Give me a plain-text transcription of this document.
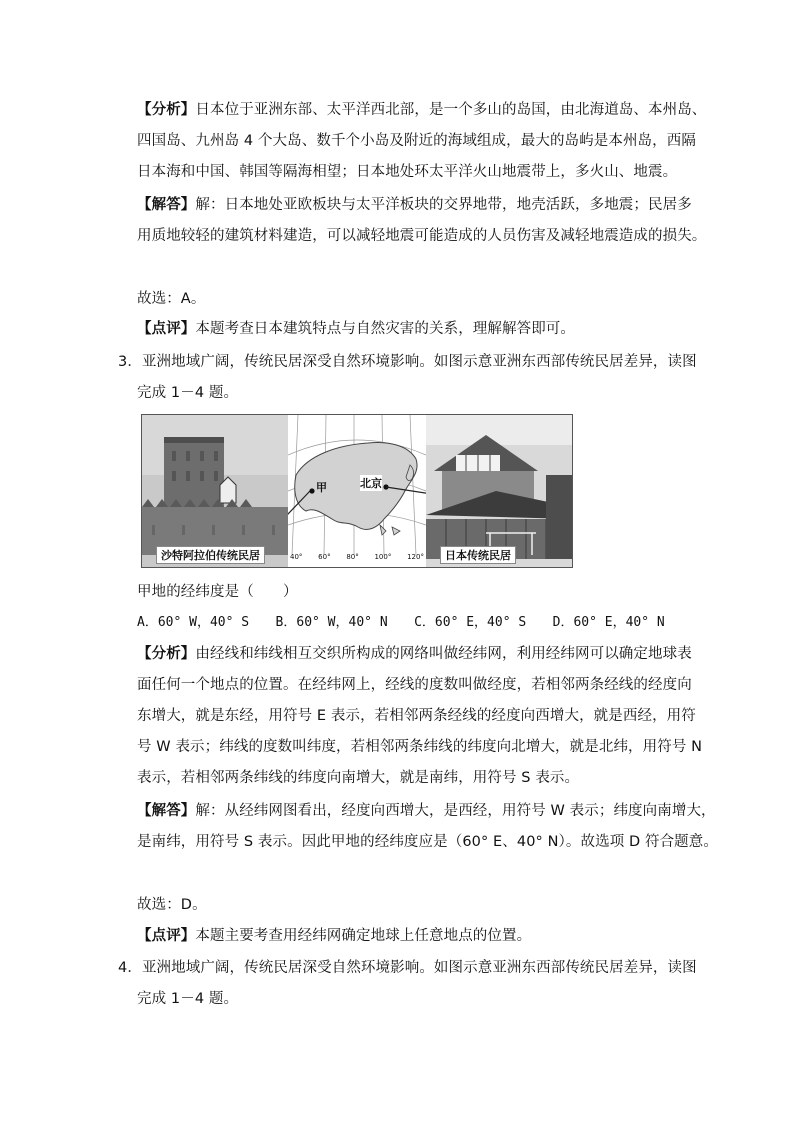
【分析】日本位于亚洲东部、太平洋西北部，是一个多山的岛国，由北海道岛、本州岛、
四国岛、九州岛 4 个大岛、数千个小岛及附近的海域组成，最大的岛屿是本州岛，西隔
日本海和中国、韩国等隔海相望；日本地处环太平洋火山地震带上，多火山、地震。
【解答】解：日本地处亚欧板块与太平洋板块的交界地带，地壳活跃，多地震；民居多
用质地较轻的建筑材料建造，可以减轻地震可能造成的人员伤害及减轻地震造成的损失。
故选：A。
【点评】本题考查日本建筑特点与自然灾害的关系，理解解答即可。
3．亚洲地域广阔，传统民居深受自然环境影响。如图示意亚洲东西部传统民居差异，读图
完成 1－4 题。
沙特阿拉伯传统民居
甲	北京
40° 60° 80° 100° 120°	日本传统民居
甲地的经纬度是（　　）
A．60° W，40° S B．60° W，40° N C．60° E，40° S D．60° E，40° N
【分析】由经线和纬线相互交织所构成的网络叫做经纬网，利用经纬网可以确定地球表
面任何一个地点的位置。在经纬网上，经线的度数叫做经度，若相邻两条经线的经度向
东增大，就是东经，用符号 E 表示，若相邻两条经线的经度向西增大，就是西经，用符
号 W 表示；纬线的度数叫纬度，若相邻两条纬线的纬度向北增大，就是北纬，用符号 N
表示，若相邻两条纬线的纬度向南增大，就是南纬，用符号 S 表示。
【解答】解：从经纬网图看出，经度向西增大，是西经，用符号 W 表示；纬度向南增大，
是南纬，用符号 S 表示。因此甲地的经纬度应是（60° E、40° N）。故选项 D 符合题意。
故选：D。
【点评】本题主要考查用经纬网确定地球上任意地点的位置。
4．亚洲地域广阔，传统民居深受自然环境影响。如图示意亚洲东西部传统民居差异，读图
完成 1－4 题。
